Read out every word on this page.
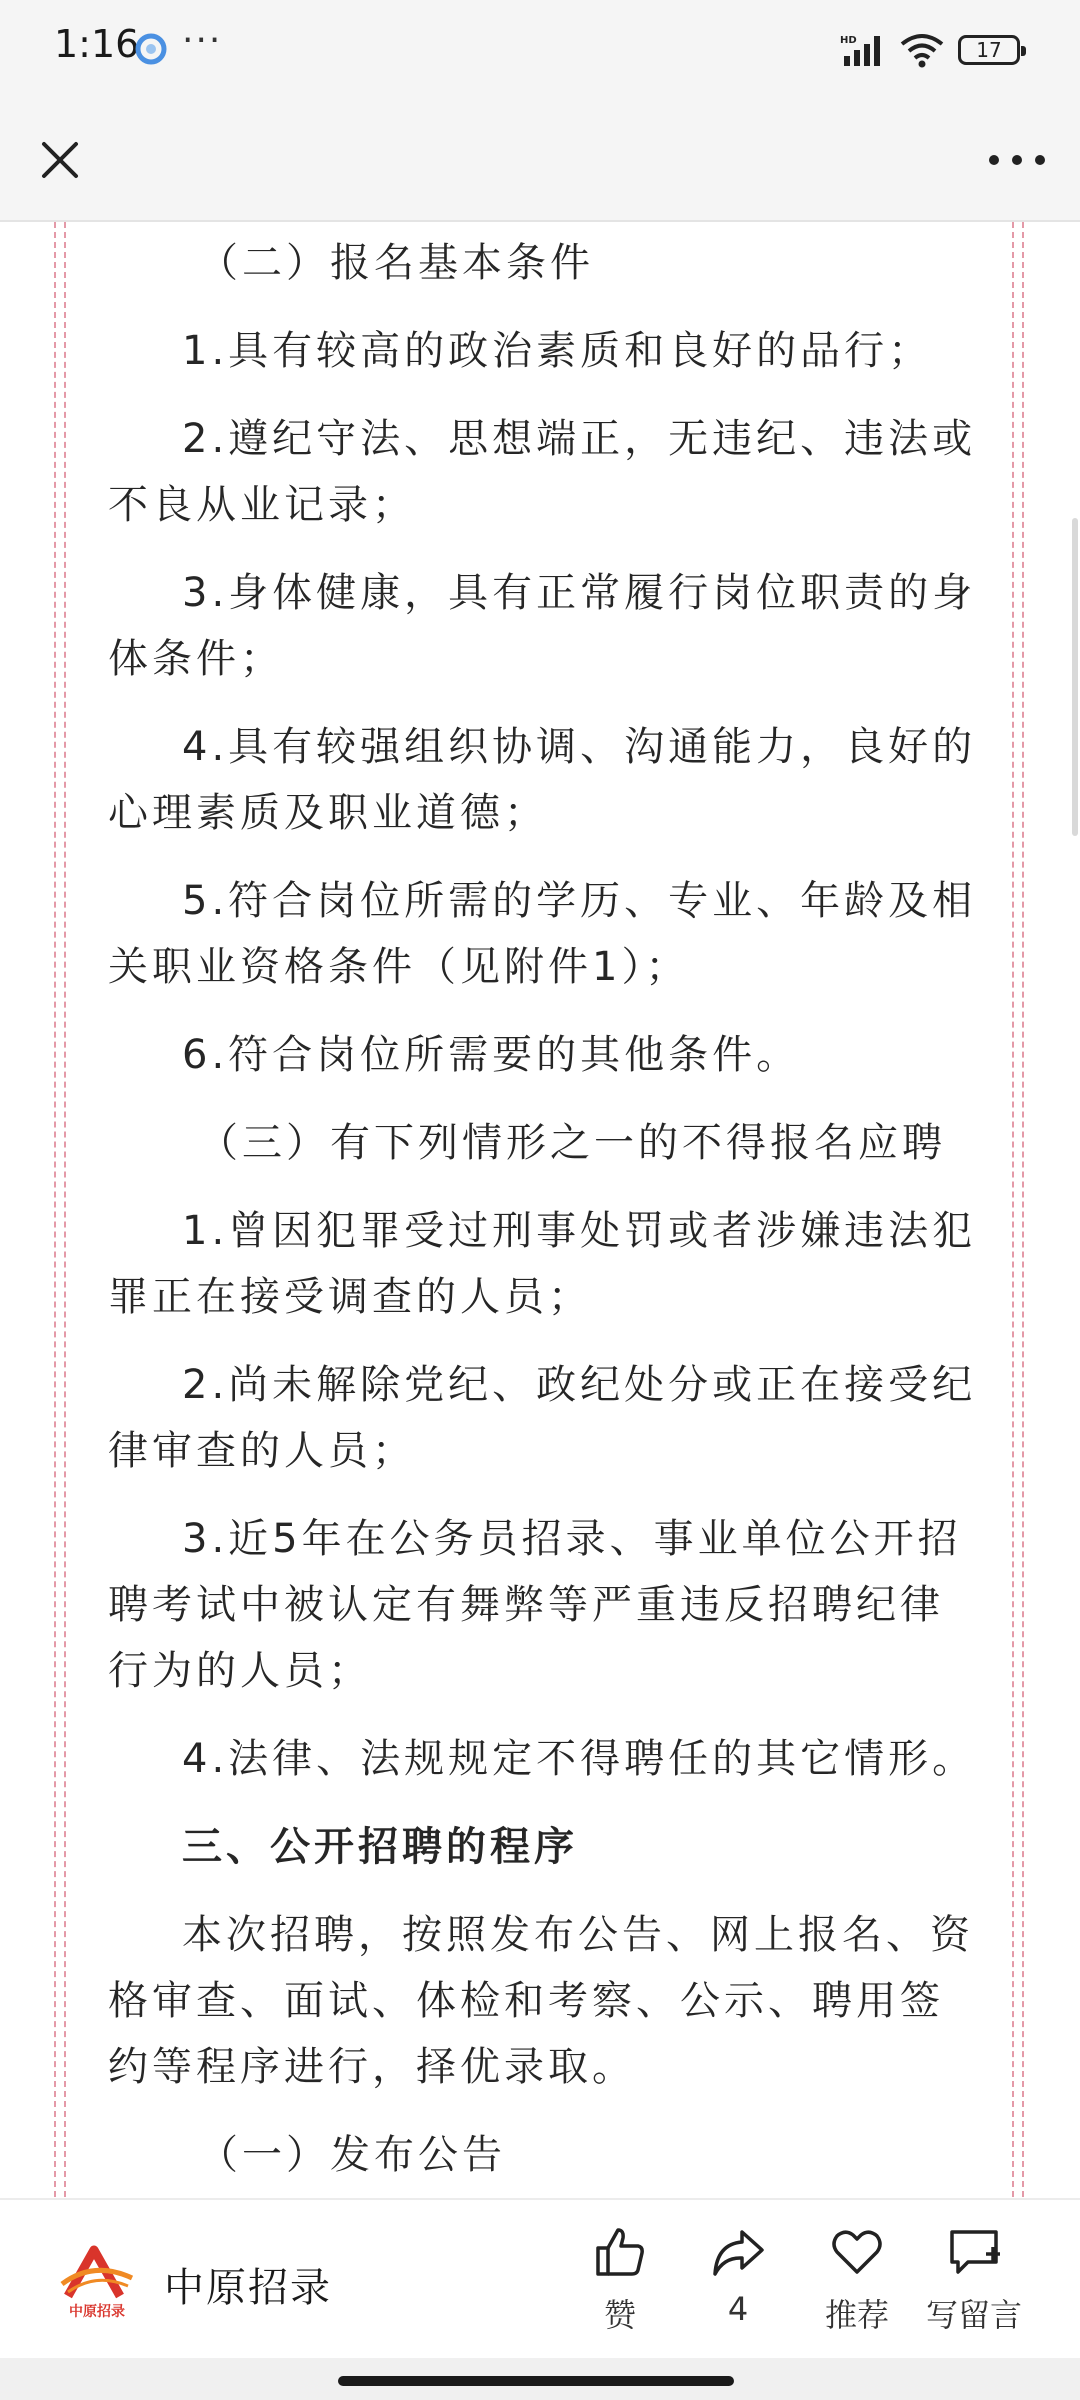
1:16 ···	HD	17

（二）报名基本条件

1.具有较高的政治素质和良好的品行；

2.遵纪守法、思想端正，无违纪、违法或不良从业记录；

3.身体健康，具有正常履行岗位职责的身体条件；

4.具有较强组织协调、沟通能力，良好的心理素质及职业道德；

5.符合岗位所需的学历、专业、年龄及相关职业资格条件（见附件1）；

6.符合岗位所需要的其他条件。

（三）有下列情形之一的不得报名应聘

1.曾因犯罪受过刑事处罚或者涉嫌违法犯罪正在接受调查的人员；

2.尚未解除党纪、政纪处分或正在接受纪律审查的人员；

3.近5年在公务员招录、事业单位公开招聘考试中被认定有舞弊等严重违反招聘纪律行为的人员；

4.法律、法规规定不得聘任的其它情形。

三、公开招聘的程序

本次招聘，按照发布公告、网上报名、资格审查、面试、体检和考察、公示、聘用签约等程序进行，择优录取。

（一）发布公告

中原招录
中原招录
赞	4	推荐	写留言
